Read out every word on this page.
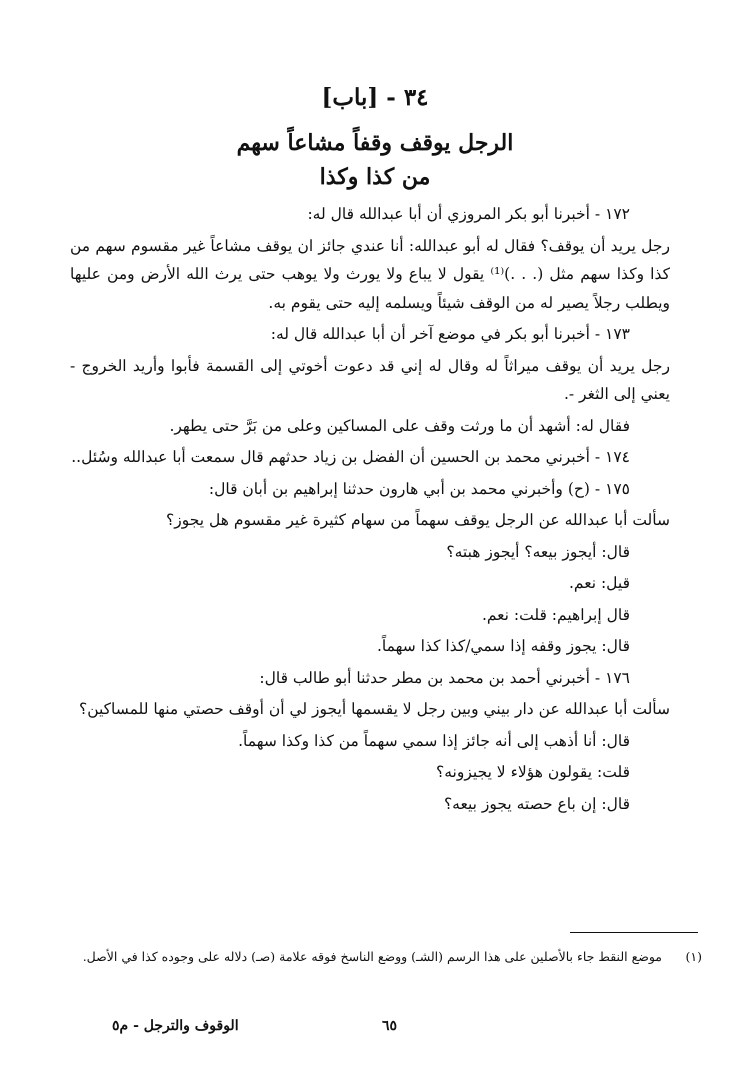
٣٤ - [باب]
الرجل يوقف وقفاً مشاعاً سهم
من كذا وكذا

١٧٢ - أخبرنا أبو بكر المروزي أن أبا عبدالله قال له:

رجل يريد أن يوقف؟ فقال له أبو عبدالله: أنا عندي جائز ان يوقف مشاعاً غير مقسوم سهم من كذا وكذا سهم مثل (. . .)⁽¹⁾ يقول لا يباع ولا يورث ولا يوهب حتى يرث الله الأرض ومن عليها ويطلب رجلاً يصير له من الوقف شيئاً ويسلمه إليه حتى يقوم به.

١٧٣ - أخبرنا أبو بكر في موضع آخر أن أبا عبدالله قال له:

رجل يريد أن يوقف ميراثاً له وقال له إني قد دعوت أخوتي إلى القسمة فأبوا وأريد الخروج - يعني إلى الثغر -.

فقال له: أشهد أن ما ورثت وقف على المساكين وعلى من بَرَّ حتى يطهر.

١٧٤ - أخبرني محمد بن الحسين أن الفضل بن زياد حدثهم قال سمعت أبا عبدالله وسُئل..

١٧٥ - (ح) وأخبرني محمد بن أبي هارون حدثنا إبراهيم بن أبان قال:

سألت أبا عبدالله عن الرجل يوقف سهماً من سهام كثيرة غير مقسوم هل يجوز؟

قال: أيجوز بيعه؟ أيجوز هبته؟

قيل: نعم.

قال إبراهيم: قلت: نعم.

قال: يجوز وقفه إذا سمي/كذا كذا سهماً.

١٧٦ - أخبرني أحمد بن محمد بن مطر حدثنا أبو طالب قال:

سألت أبا عبدالله عن دار بيني وبين رجل لا يقسمها أيجوز لي أن أوقف حصتي منها للمساكين؟

قال: أنا أذهب إلى أنه جائز إذا سمي سهماً من كذا وكذا سهماً.

قلت: يقولون هؤلاء لا يجيزونه؟

قال: إن باع حصته يجوز بيعه؟

(١)موضع النقط جاء بالأصلين على هذا الرسم (الشـ) ووضع الناسخ فوقه علامة (صـ) دلاله على وجوده كذا في الأصل.
٦٥
الوقوف والترجل - م٥
